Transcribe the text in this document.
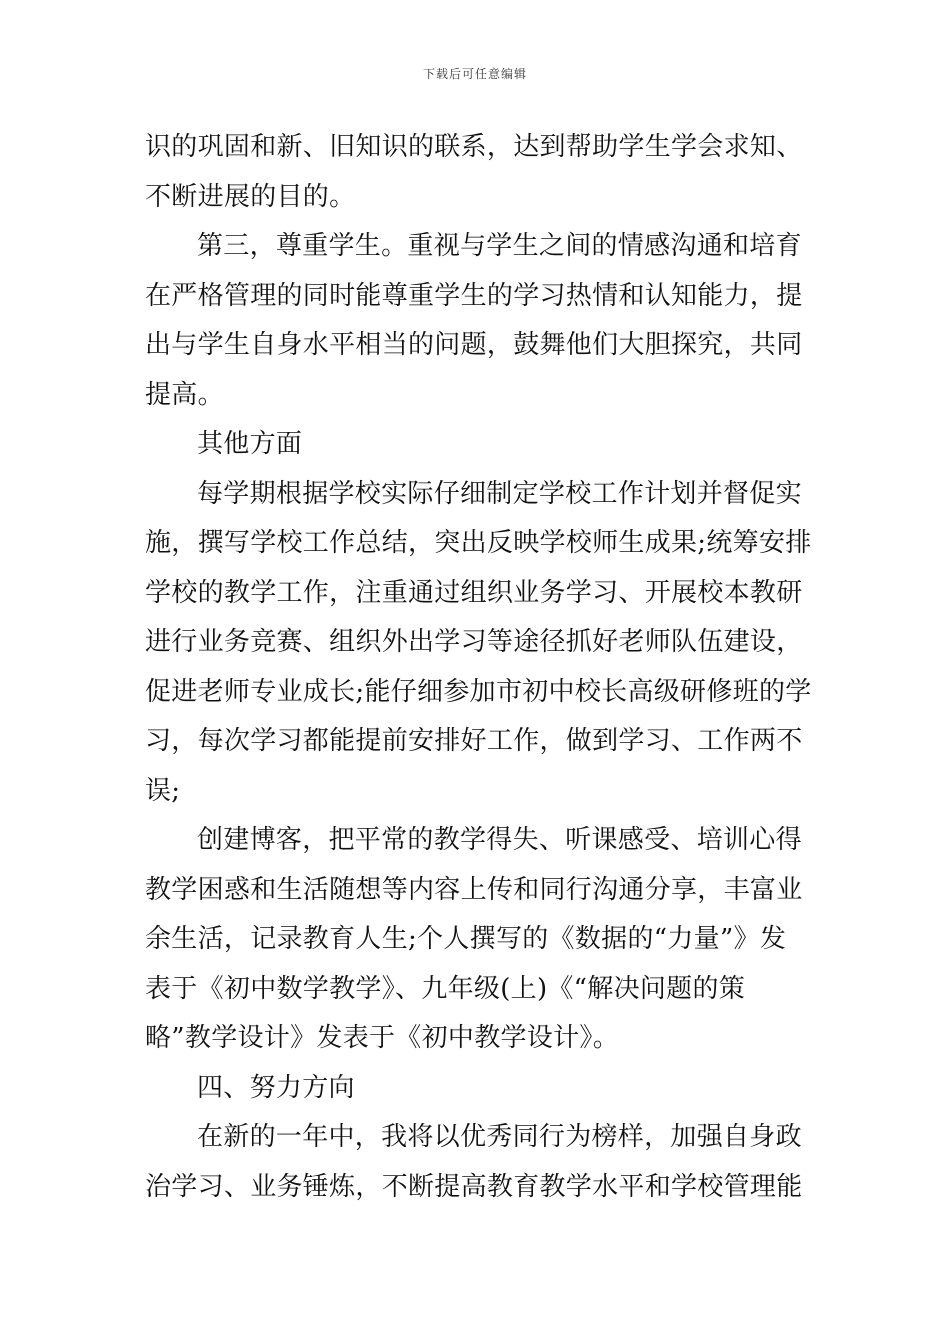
下载后可任意编辑
识的巩固和新、旧知识的联系，达到帮助学生学会求知、
不断进展的目的。
第三，尊重学生。重视与学生之间的情感沟通和培育
在严格管理的同时能尊重学生的学习热情和认知能力，提
出与学生自身水平相当的问题，鼓舞他们大胆探究，共同
提高。
其他方面
每学期根据学校实际仔细制定学校工作计划并督促实
施，撰写学校工作总结，突出反映学校师生成果;统筹安排
学校的教学工作，注重通过组织业务学习、开展校本教研
进行业务竞赛、组织外出学习等途径抓好老师队伍建设，
促进老师专业成长;能仔细参加市初中校长高级研修班的学
习，每次学习都能提前安排好工作，做到学习、工作两不
误;
创建博客，把平常的教学得失、听课感受、培训心得
教学困惑和生活随想等内容上传和同行沟通分享，丰富业
余生活，记录教育人生;个人撰写的《数据的“力量”》发
表于《初中数学教学》、九年级(上)《“解决问题的策
略”教学设计》发表于《初中教学设计》。
四、努力方向
在新的一年中，我将以优秀同行为榜样，加强自身政
治学习、业务锤炼，不断提高教育教学水平和学校管理能
